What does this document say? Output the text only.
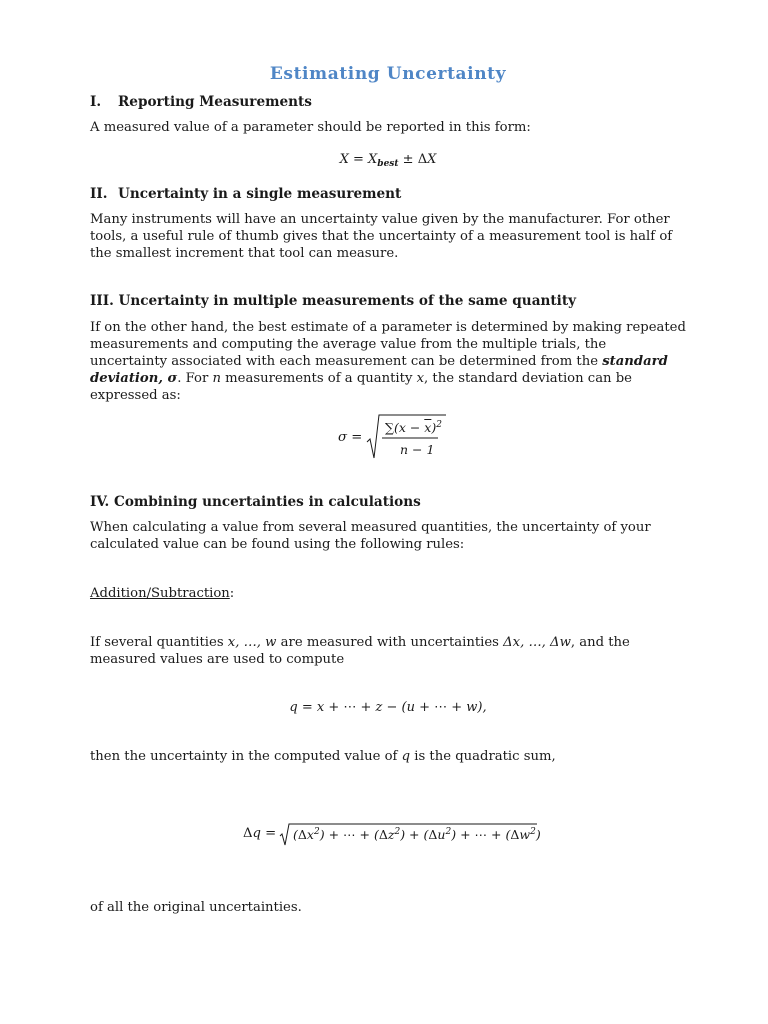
Estimating Uncertainty
I. Reporting Measurements
A measured value of a parameter should be reported in this form:
$X = X_{best} \pm \Delta X$
II. Uncertainty in a single measurement
Many instruments will have an uncertainty value given by the manufacturer. For other
tools, a useful rule of thumb gives that the uncertainty of a measurement tool is half of
the smallest increment that tool can measure.
III. Uncertainty in multiple measurements of the same quantity
If on the other hand, the best estimate of a parameter is determined by making repeated
measurements and computing the average value from the multiple trials, the
uncertainty associated with each measurement can be determined from the standard
deviation, σ. For n measurements of a quantity x, the standard deviation can be
expressed as:
σ =
$\sum(x - \overline{x})^2$
n − 1
IV. Combining uncertainties in calculations
When calculating a value from several measured quantities, the uncertainty of your
calculated value can be found using the following rules:
Addition/Subtraction:
If several quantities x, …, w are measured with uncertainties Δx, …, Δw, and the
measured values are used to compute
q = x + ⋯ + z − (u + ⋯ + w),
then the uncertainty in the computed value of q is the quadratic sum,
$\Delta q = (\Delta x^2)$ + ⋯ + $(\Delta z^2) + (\Delta u^2)$ + ⋯ + $(\Delta w^2)$
of all the original uncertainties.
